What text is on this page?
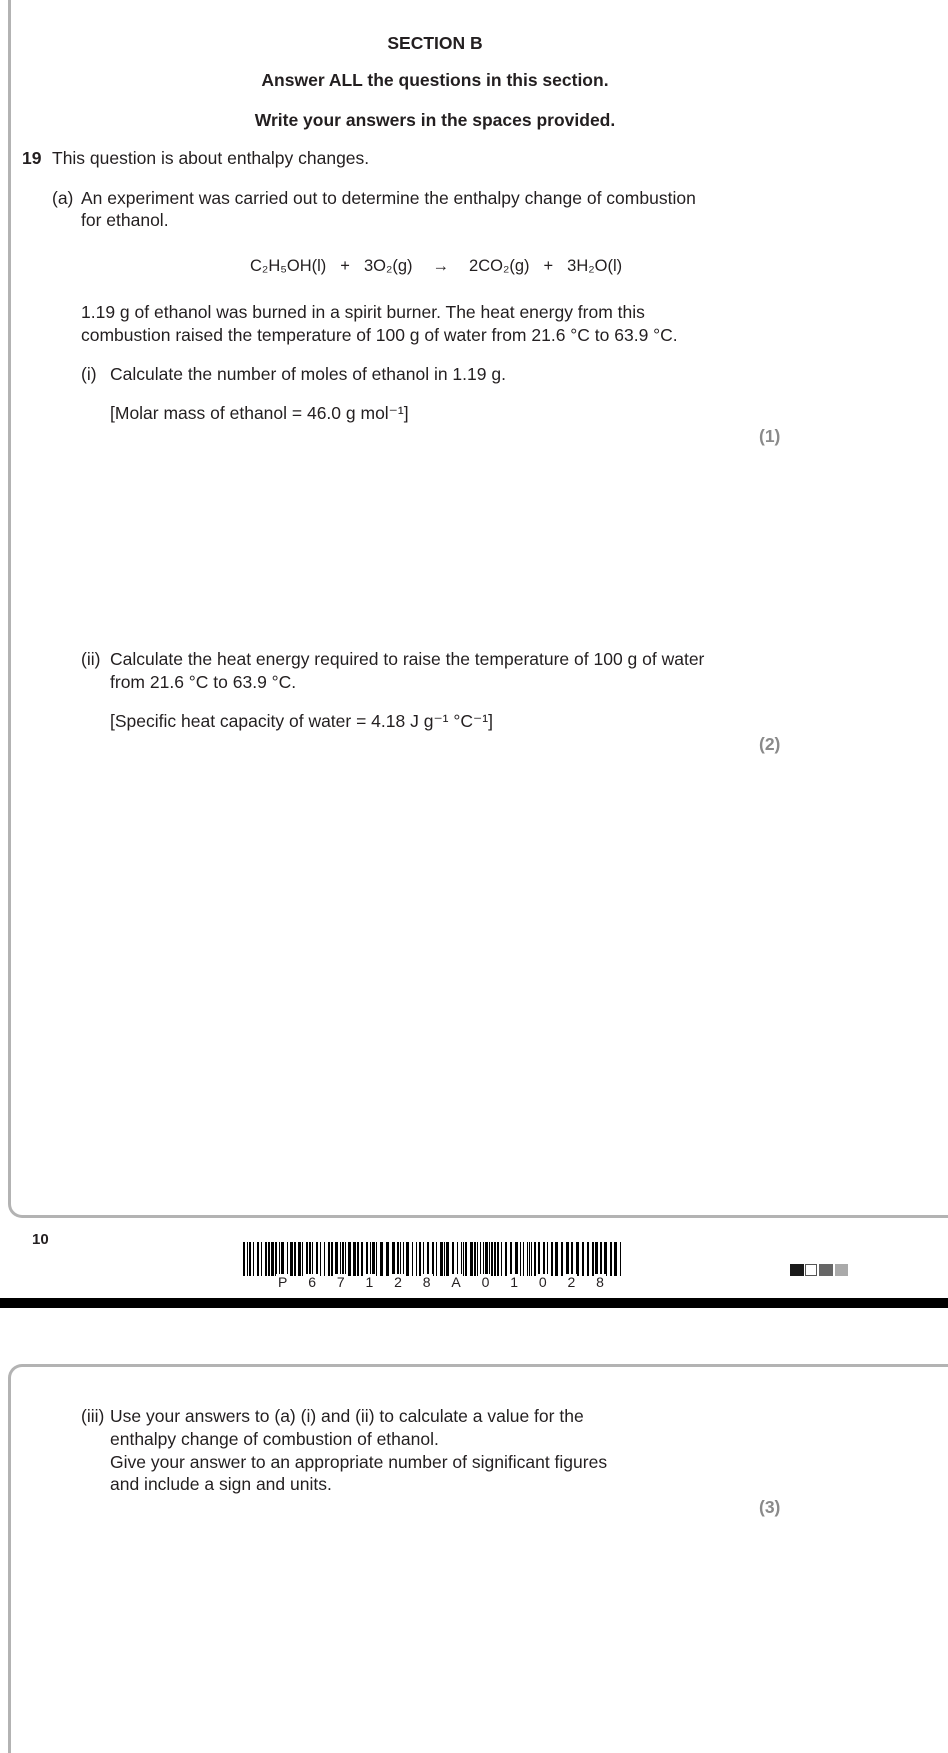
SECTION B
Answer ALL the questions in this section.
Write your answers in the spaces provided.
19 This question is about enthalpy changes.
(a) An experiment was carried out to determine the enthalpy change of combustion
for ethanol.
C₂H₅OH(l) + 3O₂(g)	→	2CO₂(g) + 3H₂O(l)
1.19 g of ethanol was burned in a spirit burner. The heat energy from this
combustion raised the temperature of 100 g of water from 21.6 °C to 63.9 °C.
(i) Calculate the number of moles of ethanol in 1.19 g.
[Molar mass of ethanol = 46.0 g mol⁻¹]
(1)
(ii) Calculate the heat energy required to raise the temperature of 100 g of water
from 21.6 °C to 63.9 °C.
[Specific heat capacity of water = 4.18 J g⁻¹ °C⁻¹]
(2)
10
P 6 7 1 2 8 A 0 1 0 2 8
(iii) Use your answers to (a) (i) and (ii) to calculate a value for the
enthalpy change of combustion of ethanol.
Give your answer to an appropriate number of significant figures
and include a sign and units.
(3)
